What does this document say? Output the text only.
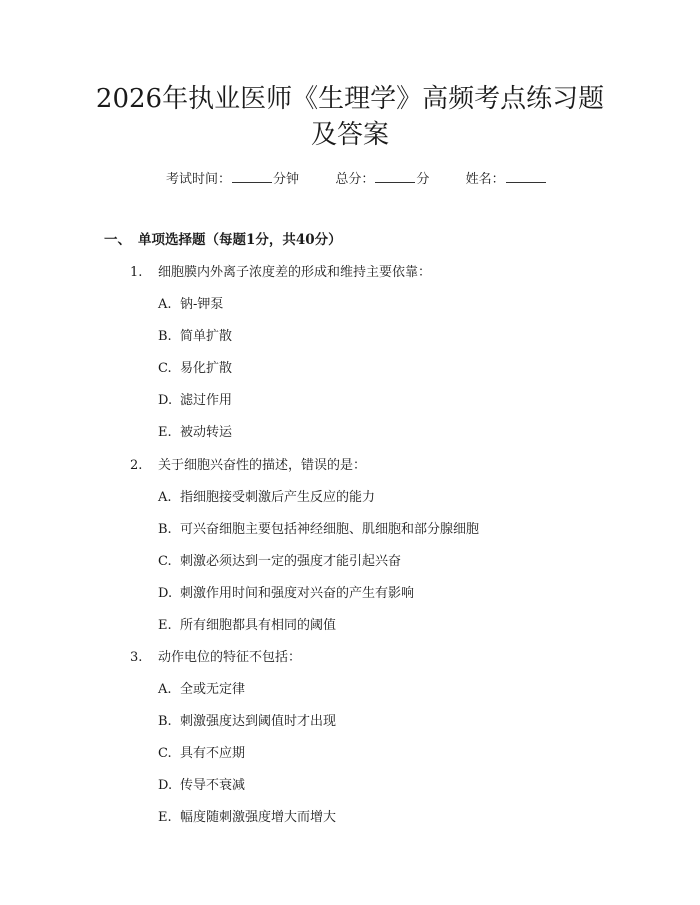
2026年执业医师《生理学》高频考点练习题
及答案
考试时间：	分钟	总分：	分	姓名：
一、 单项选择题（每题1分，共40分）
1. 细胞膜内外离子浓度差的形成和维持主要依靠：
A. 钠-钾泵
B. 简单扩散
C. 易化扩散
D. 滤过作用
E. 被动转运
2. 关于细胞兴奋性的描述，错误的是：
A. 指细胞接受刺激后产生反应的能力
B. 可兴奋细胞主要包括神经细胞、肌细胞和部分腺细胞
C. 刺激必须达到一定的强度才能引起兴奋
D. 刺激作用时间和强度对兴奋的产生有影响
E. 所有细胞都具有相同的阈值
3. 动作电位的特征不包括：
A. 全或无定律
B. 刺激强度达到阈值时才出现
C. 具有不应期
D. 传导不衰减
E. 幅度随刺激强度增大而增大
